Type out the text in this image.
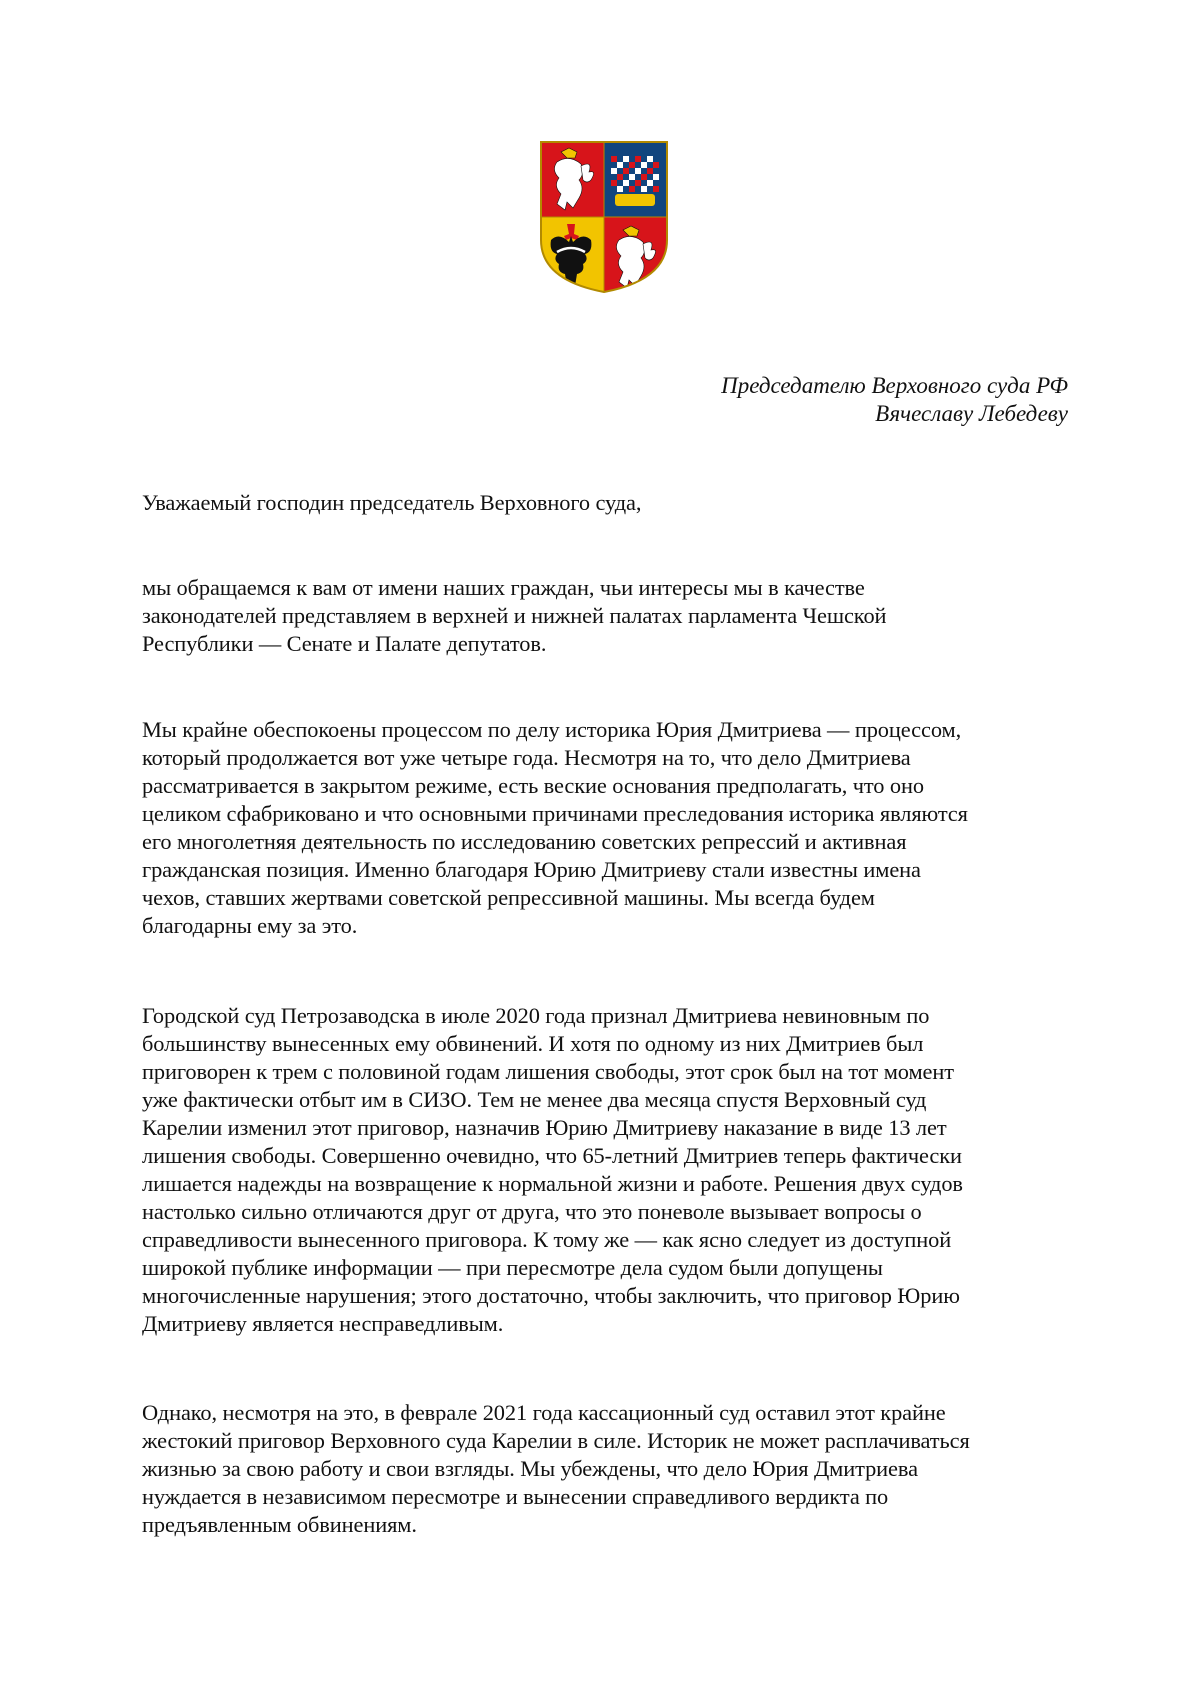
Председателю Верховного суда РФ
Вячеславу Лебедеву
Уважаемый господин председатель Верховного суда,
мы обращаемся к вам от имени наших граждан, чьи интересы мы в качестве
законодателей представляем в верхней и нижней палатах парламента Чешской
Республики — Сенате и Палате депутатов.
Мы крайне обеспокоены процессом по делу историка Юрия Дмитриева — процессом,
который продолжается вот уже четыре года. Несмотря на то, что дело Дмитриева
рассматривается в закрытом режиме, есть веские основания предполагать, что оно
целиком сфабриковано и что основными причинами преследования историка являются
его многолетняя деятельность по исследованию советских репрессий и активная
гражданская позиция. Именно благодаря Юрию Дмитриеву стали известны имена
чехов, ставших жертвами советской репрессивной машины. Мы всегда будем
благодарны ему за это.
Городской суд Петрозаводска в июле 2020 года признал Дмитриева невиновным по
большинству вынесенных ему обвинений. И хотя по одному из них Дмитриев был
приговорен к трем с половиной годам лишения свободы, этот срок был на тот момент
уже фактически отбыт им в СИЗО. Тем не менее два месяца спустя Верховный суд
Карелии изменил этот приговор, назначив Юрию Дмитриеву наказание в виде 13 лет
лишения свободы. Совершенно очевидно, что 65-летний Дмитриев теперь фактически
лишается надежды на возвращение к нормальной жизни и работе. Решения двух судов
настолько сильно отличаются друг от друга, что это поневоле вызывает вопросы о
справедливости вынесенного приговора. К тому же — как ясно следует из доступной
широкой публике информации — при пересмотре дела судом были допущены
многочисленные нарушения; этого достаточно, чтобы заключить, что приговор Юрию
Дмитриеву является несправедливым.
Однако, несмотря на это, в феврале 2021 года кассационный суд оставил этот крайне
жестокий приговор Верховного суда Карелии в силе. Историк не может расплачиваться
жизнью за свою работу и свои взгляды. Мы убеждены, что дело Юрия Дмитриева
нуждается в независимом пересмотре и вынесении справедливого вердикта по
предъявленным обвинениям.
